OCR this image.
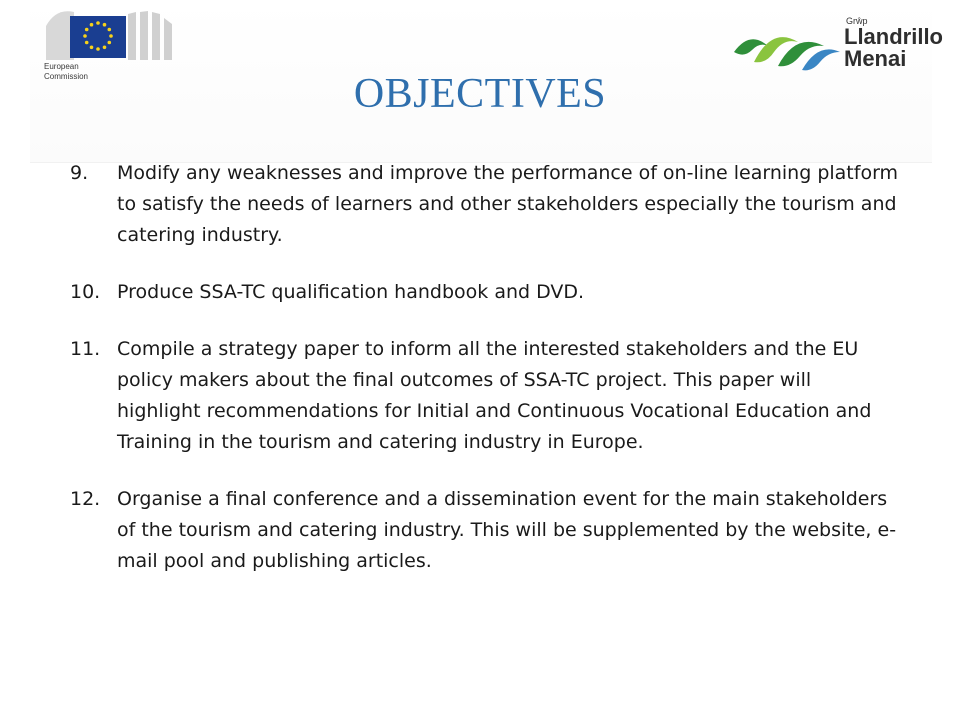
European
Commission
Grŵp
Llandrillo
Menai
OBJECTIVES
9.	Modify any weaknesses and improve the performance of on-line learning platform to satisfy the needs of learners and other stakeholders especially the tourism and catering industry.
10. Produce SSA-TC qualification handbook and DVD.
11. Compile a strategy paper to inform all the interested stakeholders and the EU policy makers about the final outcomes of SSA-TC project. This paper will highlight recommendations for Initial and Continuous Vocational Education and Training in the tourism and catering industry in Europe.
12. Organise a final conference and a dissemination event for the main stakeholders of the tourism and catering industry. This will be supplemented by the website, e-mail pool and publishing articles.
